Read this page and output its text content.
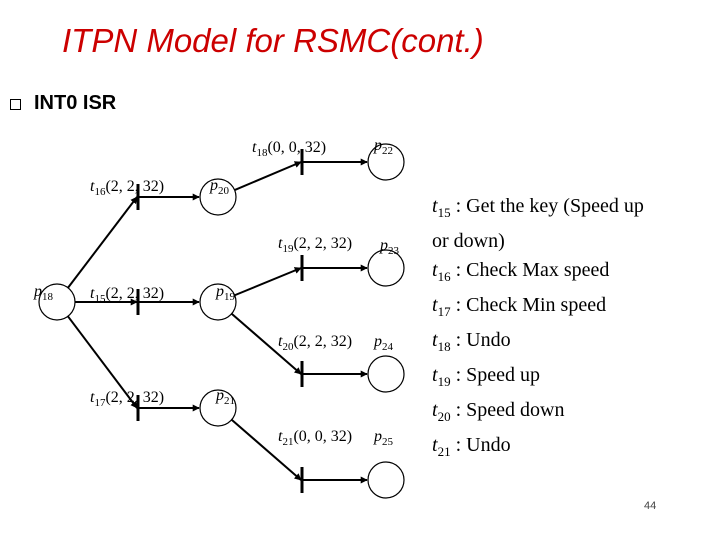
ITPN Model for RSMC(cont.)
INT0 ISR
$p_{18}$	$p_{19}$
$p_{20}$
$p_{21}$
$p_{22}$
$p_{23}$
$p_{24}$
$p_{25}$
$t_{15}(2$, 2, 32)
$t_{16}(2$, 2, 32)
$t_{17}(2$, 2, 32)
$t_{18}(0$, 0, 32)
$t_{19}(2$, 2, 32)
$t_{20}(2$, 2, 32)
$t_{21}(0$, 0, 32)
$t_{15}$ : Get the key (Speed up
or down)
$t_{16}$ : Check Max speed
$t_{17}$ : Check Min speed
$t_{18}$ : Undo
$t_{19}$ : Speed up
$t_{20}$ : Speed down
$t_{21}$ : Undo
44
